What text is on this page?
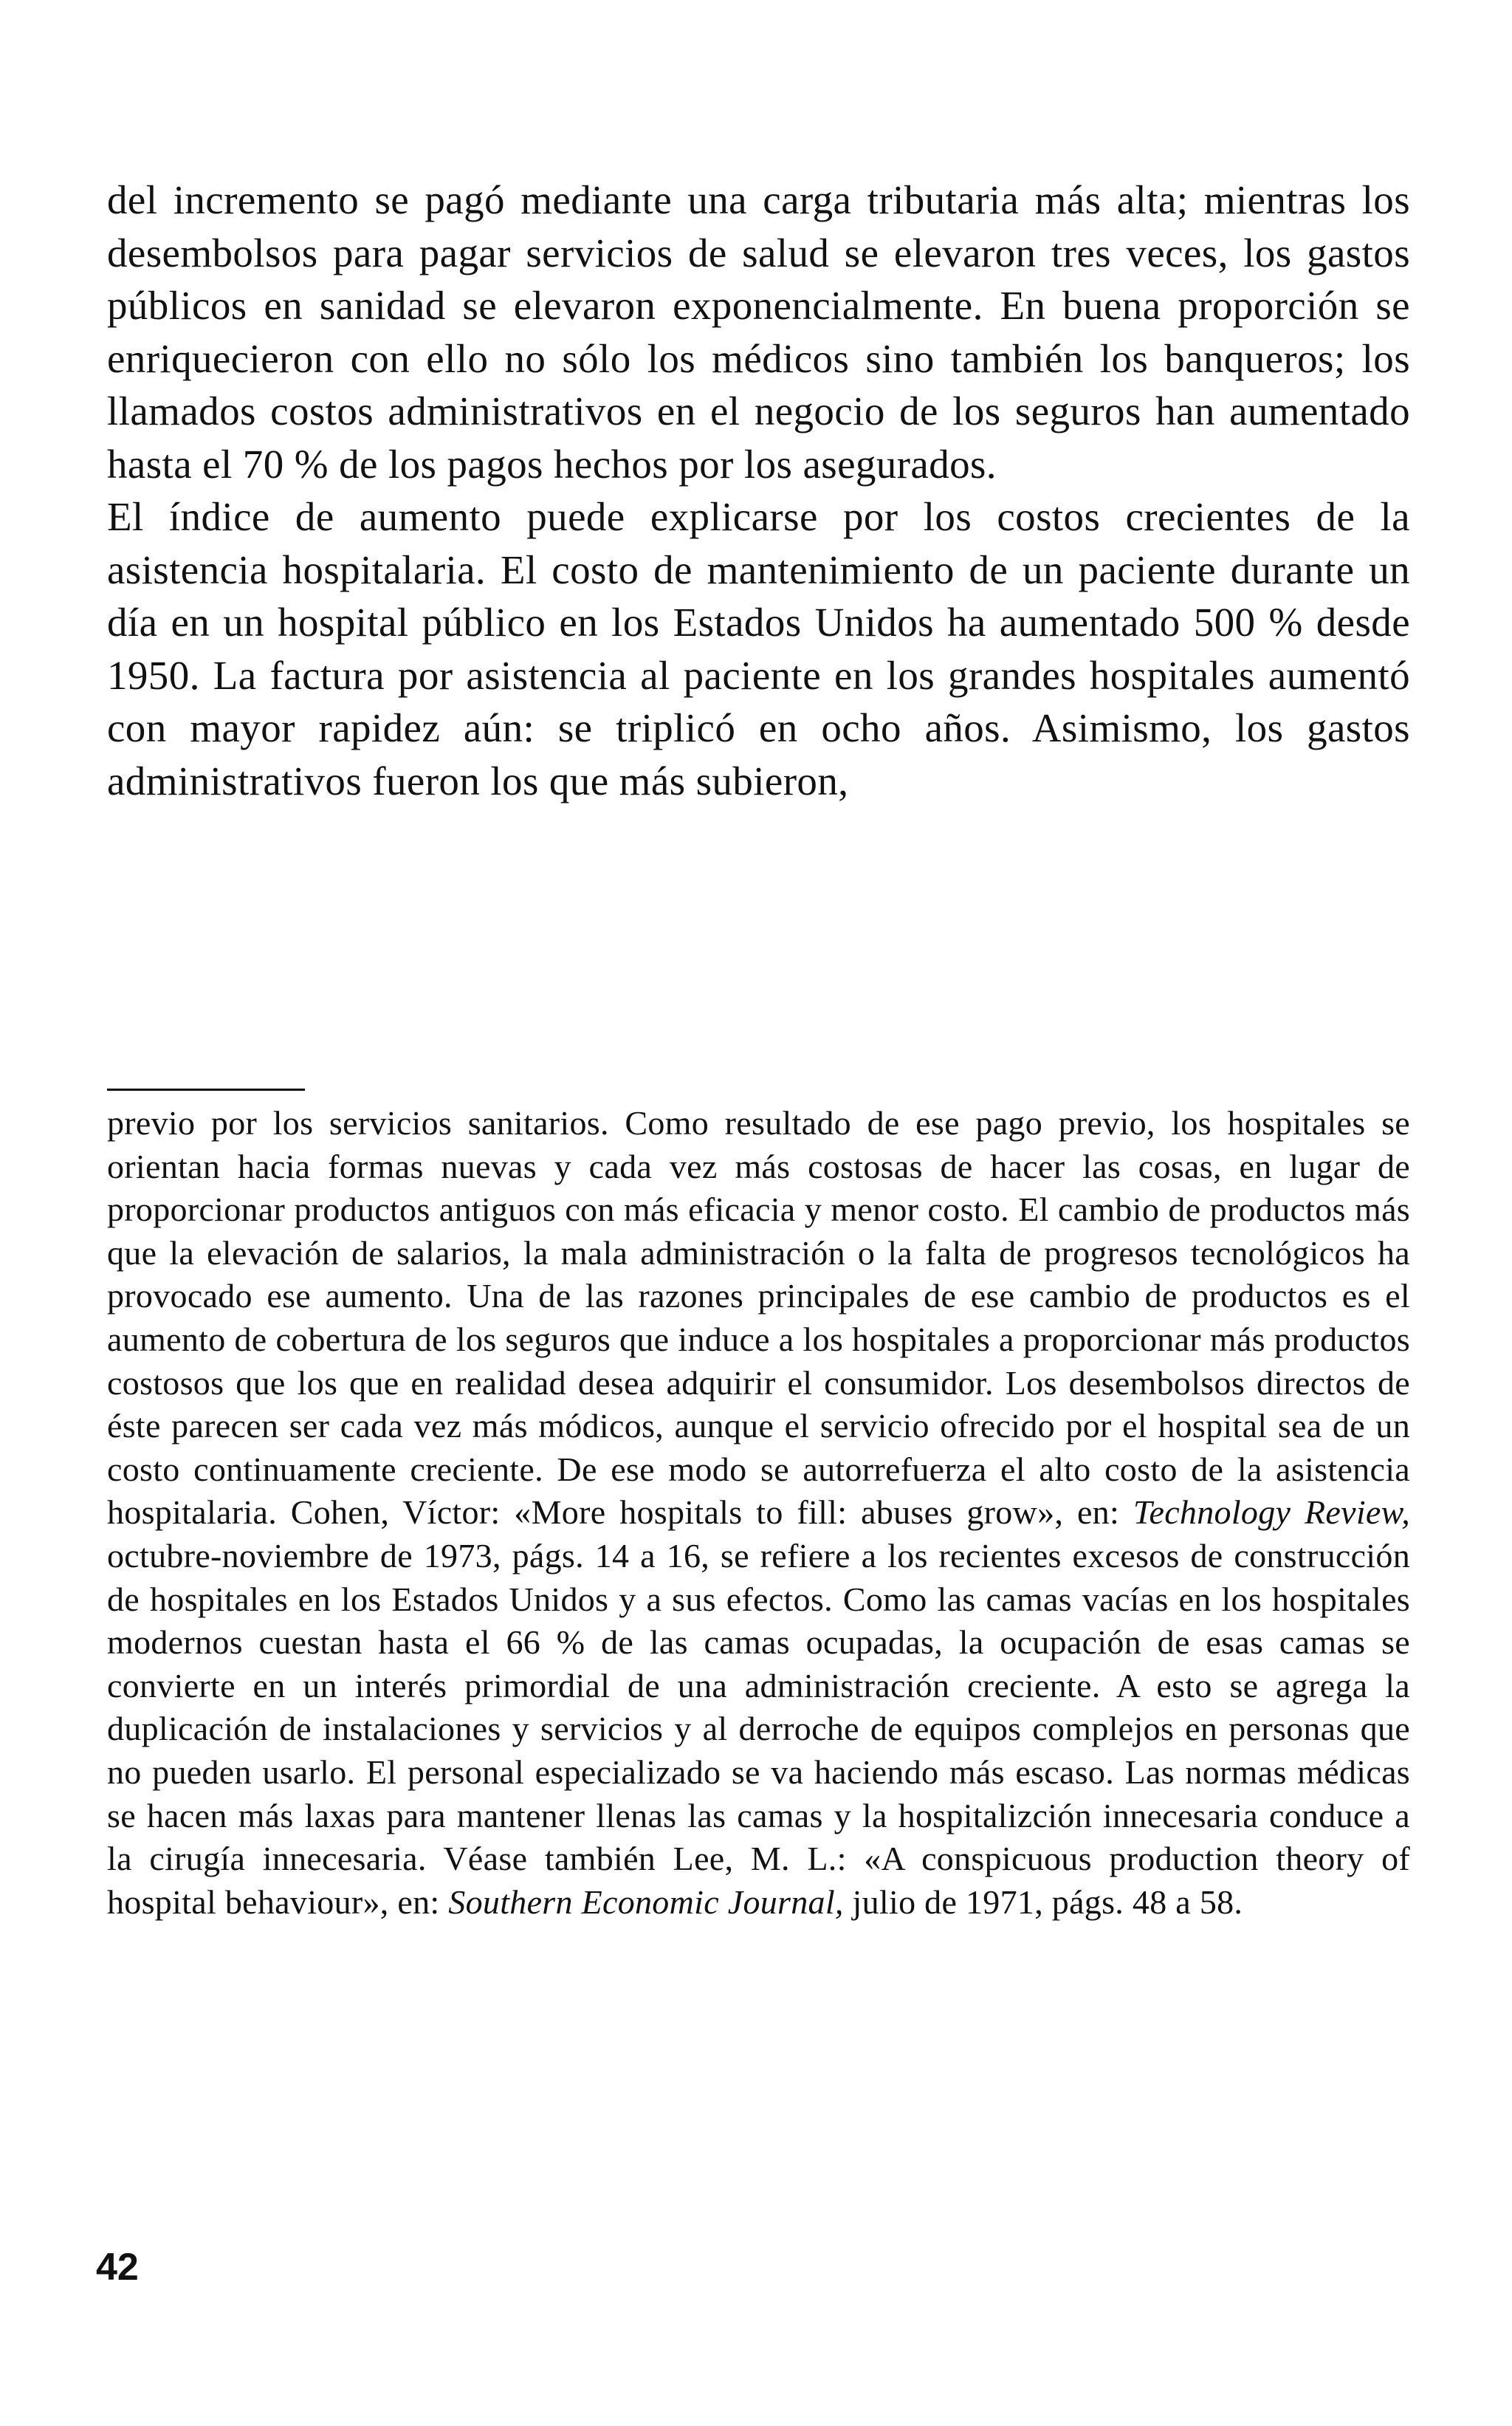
del incremento se pagó mediante una carga tributaria más alta; mientras los desembolsos para pagar servicios de salud se elevaron tres veces, los gastos públicos en sanidad se elevaron exponencialmente. En buena proporción se enriquecieron con ello no sólo los médicos sino también los banqueros; los llamados costos administrativos en el negocio de los seguros han aumentado hasta el 70 % de los pagos hechos por los asegurados.

El índice de aumento puede explicarse por los costos crecientes de la asistencia hospitalaria. El costo de mantenimiento de un paciente durante un día en un hospital público en los Estados Unidos ha aumentado 500 % desde 1950. La factura por asistencia al paciente en los grandes hospitales aumentó con mayor rapidez aún: se triplicó en ocho años. Asimismo, los gastos administrativos fueron los que más subieron,

previo por los servicios sanitarios. Como resultado de ese pago previo, los hospitales se orientan hacia formas nuevas y cada vez más costosas de hacer las cosas, en lugar de proporcionar productos antiguos con más eficacia y menor costo. El cambio de productos más que la elevación de salarios, la mala administración o la falta de progresos tecnológicos ha provocado ese aumento. Una de las razones principales de ese cambio de productos es el aumento de cobertura de los seguros que induce a los hospitales a proporcionar más productos costosos que los que en realidad desea adquirir el consumidor. Los desembolsos directos de éste parecen ser cada vez más módicos, aunque el servicio ofrecido por el hospital sea de un costo continuamente creciente. De ese modo se autorrefuerza el alto costo de la asistencia hospitalaria. Cohen, Víctor: «More hospitals to fill: abuses grow», en: Technology Review, octubre-noviembre de 1973, págs. 14 a 16, se refiere a los recientes excesos de construcción de hospitales en los Estados Unidos y a sus efectos. Como las camas vacías en los hospitales modernos cuestan hasta el 66 % de las camas ocupadas, la ocupación de esas camas se convierte en un interés primordial de una administración creciente. A esto se agrega la duplicación de instalaciones y servicios y al derroche de equipos complejos en personas que no pueden usarlo. El personal especializado se va haciendo más escaso. Las normas médicas se hacen más laxas para mantener llenas las camas y la hospitalizción innecesaria conduce a la cirugía innecesaria. Véase también Lee, M. L.: «A conspicuous production theory of hospital behaviour», en: Southern Economic Journal, julio de 1971, págs. 48 a 58.

42
